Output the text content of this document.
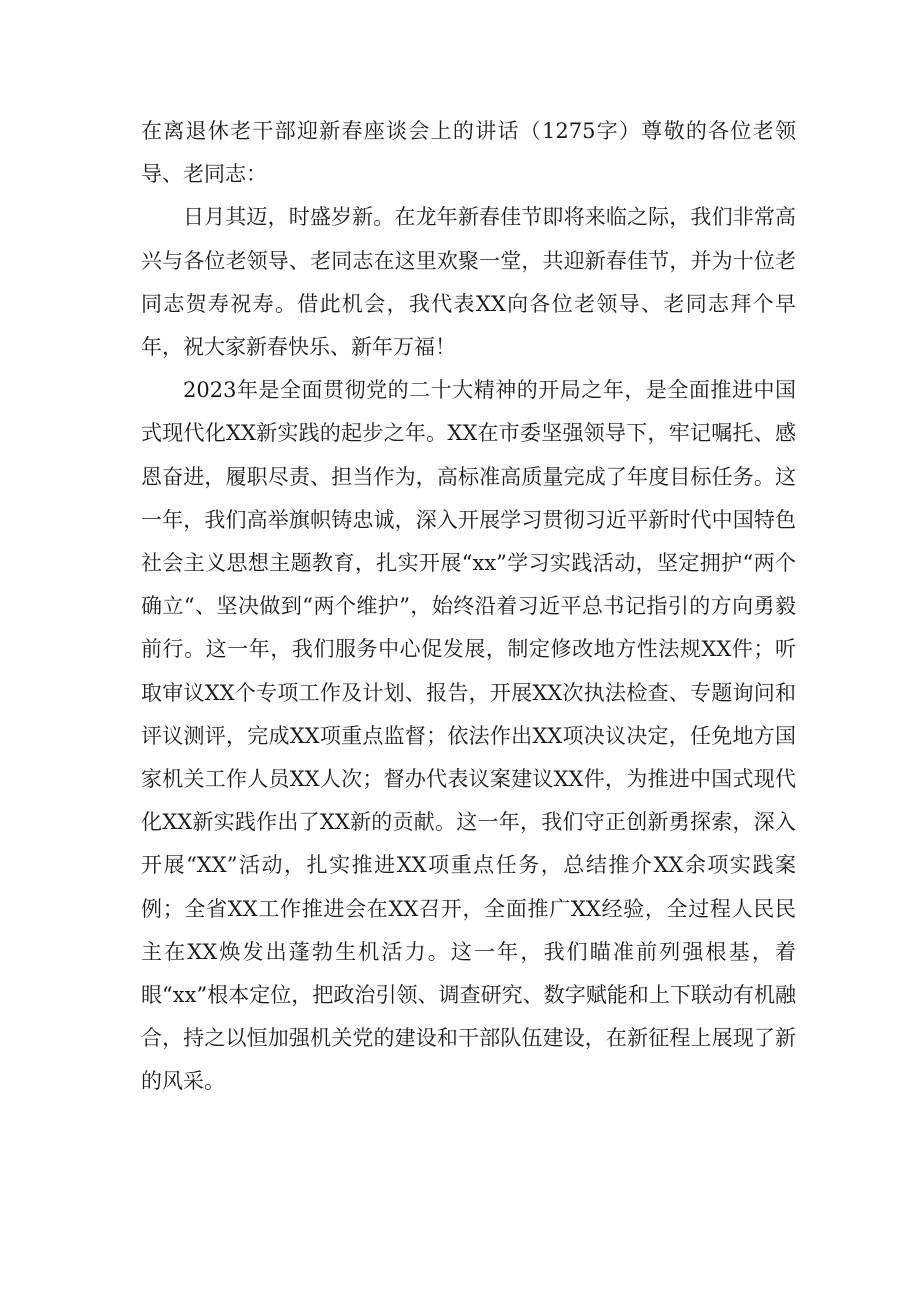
在离退休老干部迎新春座谈会上的讲话（1275字）尊敬的各位老领导、老同志：

日月其迈，时盛岁新。在龙年新春佳节即将来临之际，我们非常高兴与各位老领导、老同志在这里欢聚一堂，共迎新春佳节，并为十位老同志贺寿祝寿。借此机会，我代表XX向各位老领导、老同志拜个早年，祝大家新春快乐、新年万福！

2023年是全面贯彻党的二十大精神的开局之年，是全面推进中国式现代化XX新实践的起步之年。XX在市委坚强领导下，牢记嘱托、感恩奋进，履职尽责、担当作为，高标准高质量完成了年度目标任务。这一年，我们高举旗帜铸忠诚，深入开展学习贯彻习近平新时代中国特色社会主义思想主题教育，扎实开展“xx”学习实践活动，坚定拥护“两个确立“、坚决做到“两个维护”，始终沿着习近平总书记指引的方向勇毅前行。这一年，我们服务中心促发展，制定修改地方性法规XX件；听取审议XX个专项工作及计划、报告，开展XX次执法检查、专题询问和评议测评，完成XX项重点监督；依法作出XX项决议决定，任免地方国家机关工作人员XX人次；督办代表议案建议XX件，为推进中国式现代化XX新实践作出了XX新的贡献。这一年，我们守正创新勇探索，深入开展“XX”活动，扎实推进XX项重点任务，总结推介XX余项实践案例；全省XX工作推进会在XX召开，全面推广XX经验，全过程人民民主在XX焕发出蓬勃生机活力。这一年，我们瞄准前列强根基，着眼“xx”根本定位，把政治引领、调查研究、数字赋能和上下联动有机融合，持之以恒加强机关党的建设和干部队伍建设，在新征程上展现了新的风采。
